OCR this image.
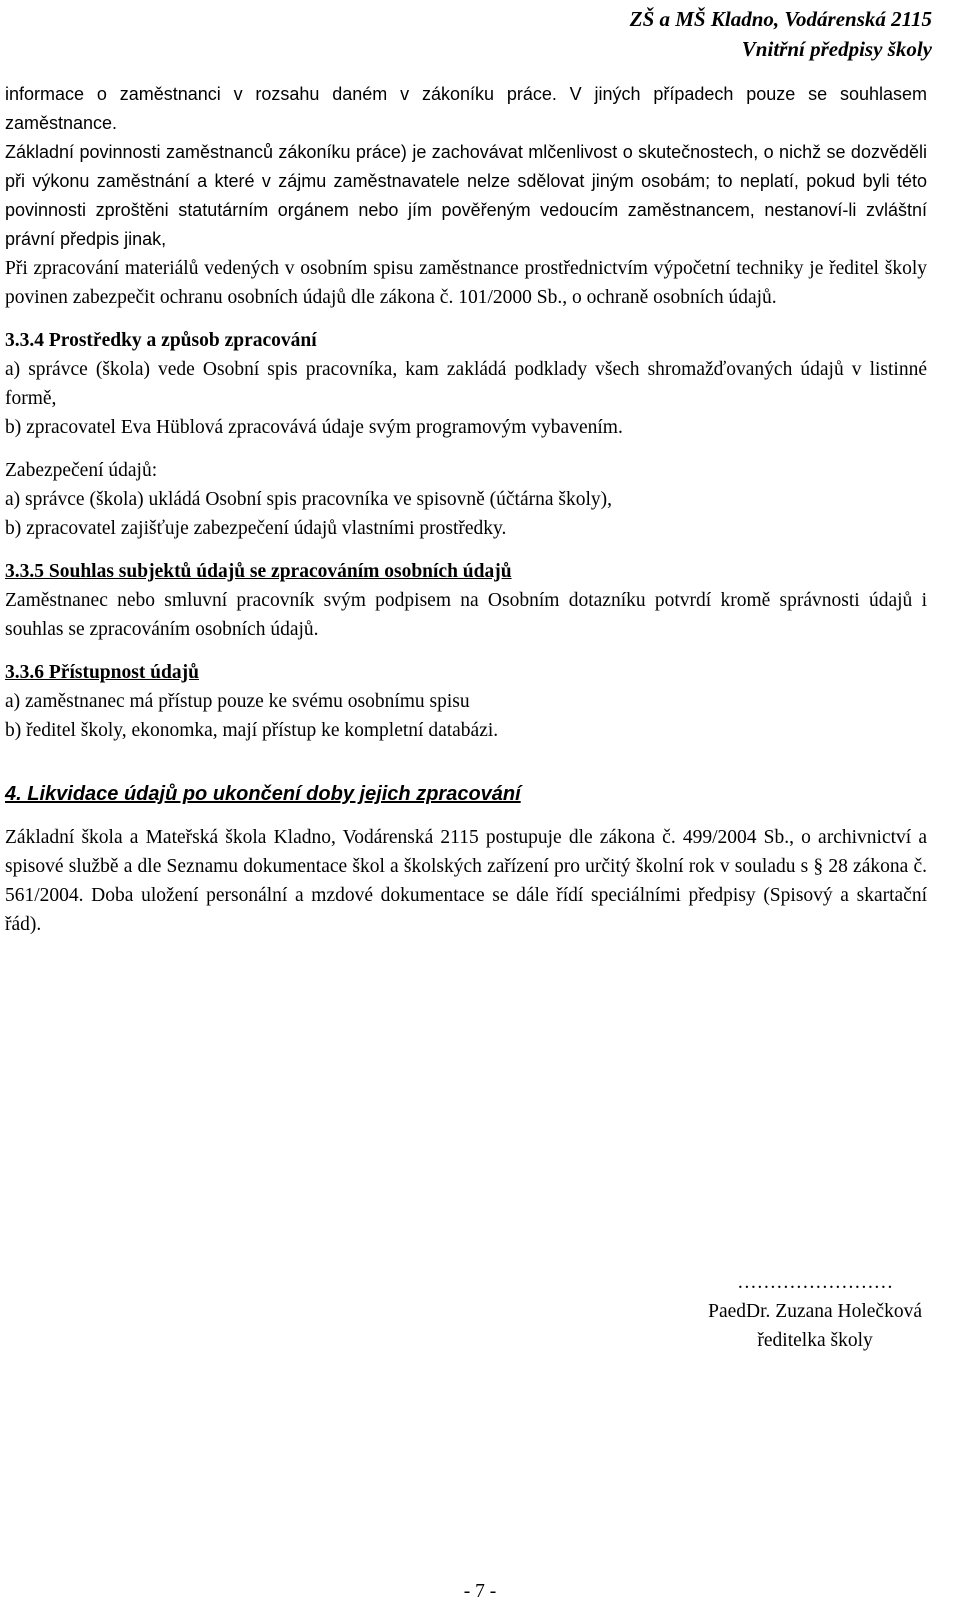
ZŠ a MŠ Kladno, Vodárenská 2115
Vnitřní předpisy školy

informace o zaměstnanci v rozsahu daném v zákoníku práce. V jiných případech pouze se souhlasem zaměstnance.

Základní povinnosti zaměstnanců zákoníku práce) je zachovávat mlčenlivost o skutečnostech, o nichž se dozvěděli při výkonu zaměstnání a které v zájmu zaměstnavatele nelze sdělovat jiným osobám; to neplatí, pokud byli této povinnosti zproštěni statutárním orgánem nebo jím pověřeným vedoucím zaměstnancem, nestanoví-li zvláštní právní předpis jinak,

Při zpracování materiálů vedených v osobním spisu zaměstnance prostřednictvím výpočetní techniky je ředitel školy povinen zabezpečit ochranu osobních údajů dle zákona č. 101/2000 Sb., o ochraně osobních údajů.

3.3.4 Prostředky a způsob zpracování

a) správce (škola) vede Osobní spis pracovníka, kam zakládá podklady všech shromažďovaných údajů v listinné formě,

b) zpracovatel Eva Hüblová zpracovává údaje svým programovým vybavením.

Zabezpečení údajů:

a) správce (škola) ukládá Osobní spis pracovníka ve spisovně (účtárna školy),

b) zpracovatel zajišťuje zabezpečení údajů vlastními prostředky.

3.3.5 Souhlas subjektů údajů se zpracováním osobních údajů

Zaměstnanec nebo smluvní pracovník svým podpisem na Osobním dotazníku potvrdí kromě správnosti údajů i souhlas se zpracováním osobních údajů.

3.3.6 Přístupnost údajů

a) zaměstnanec má přístup pouze ke svému osobnímu spisu

b) ředitel školy, ekonomka, mají přístup ke kompletní databázi.

4. Likvidace údajů po ukončení doby jejich zpracování

Základní škola a Mateřská škola Kladno, Vodárenská 2115 postupuje dle zákona č. 499/2004 Sb., o archivnictví a spisové službě a dle Seznamu dokumentace škol a školských zařízení pro určitý školní rok v souladu s § 28 zákona č. 561/2004. Doba uložení personální a mzdové dokumentace se dále řídí speciálními předpisy (Spisový a skartační řád).

……………………
PaedDr. Zuzana Holečková
ředitelka školy
- 7 -
